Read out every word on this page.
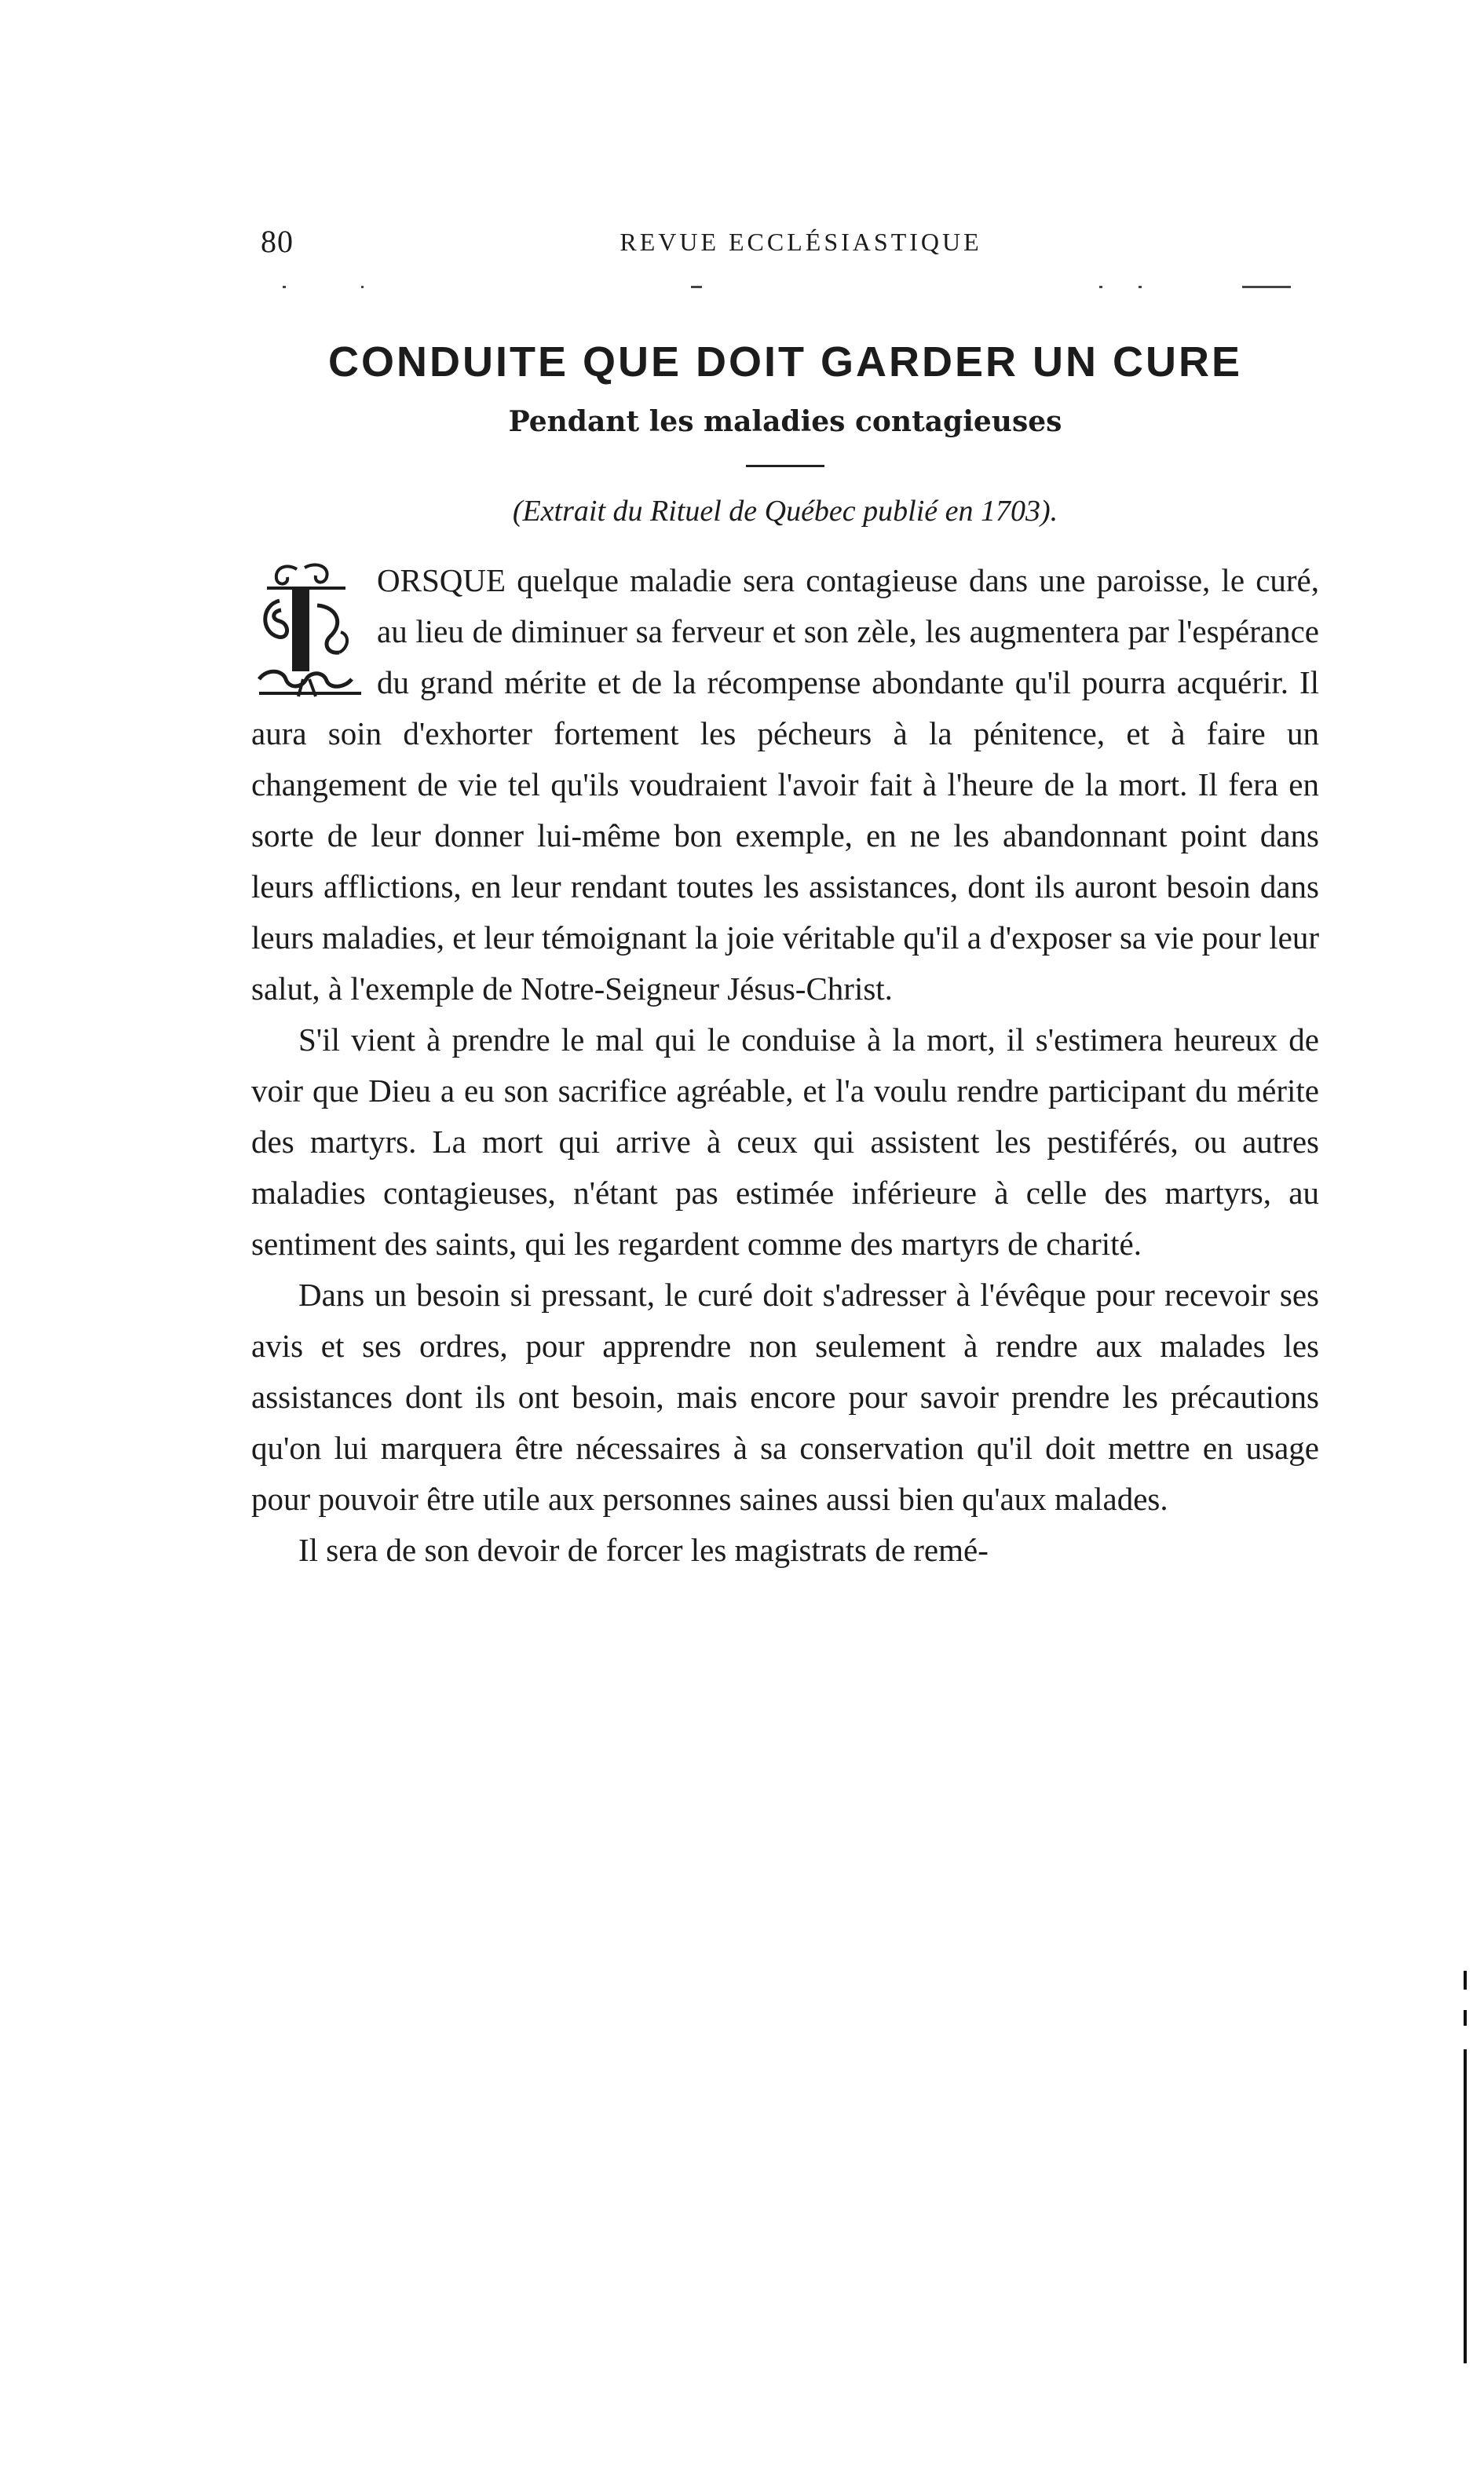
80	REVUE ECCLÉSIASTIQUE
CONDUITE QUE DOIT GARDER UN CURE

Pendant les maladies contagieuses

(Extrait du Rituel de Québec publié en 1703).

ORSQUE quelque maladie sera contagieuse dans une paroisse, le curé, au lieu de diminuer sa ferveur et son zèle, les augmentera par l'espérance du grand mérite et de la récompense abondante qu'il pourra acquérir. Il aura soin d'exhorter fortement les pécheurs à la pénitence, et à faire un changement de vie tel qu'ils voudraient l'avoir fait à l'heure de la mort. Il fera en sorte de leur donner lui-même bon exemple, en ne les abandonnant point dans leurs afflictions, en leur rendant toutes les assistances, dont ils auront besoin dans leurs maladies, et leur témoignant la joie véritable qu'il a d'exposer sa vie pour leur salut, à l'exemple de Notre-Seigneur Jésus-Christ.

S'il vient à prendre le mal qui le conduise à la mort, il s'estimera heureux de voir que Dieu a eu son sacrifice agréable, et l'a voulu rendre participant du mérite des martyrs. La mort qui arrive à ceux qui assistent les pestiférés, ou autres maladies contagieuses, n'étant pas estimée inférieure à celle des martyrs, au sentiment des saints, qui les regardent comme des martyrs de charité.

Dans un besoin si pressant, le curé doit s'adresser à l'évêque pour recevoir ses avis et ses ordres, pour apprendre non seulement à rendre aux malades les assistances dont ils ont besoin, mais encore pour savoir prendre les précautions qu'on lui marquera être nécessaires à sa conservation qu'il doit mettre en usage pour pouvoir être utile aux personnes saines aussi bien qu'aux malades.

Il sera de son devoir de forcer les magistrats de remé-
